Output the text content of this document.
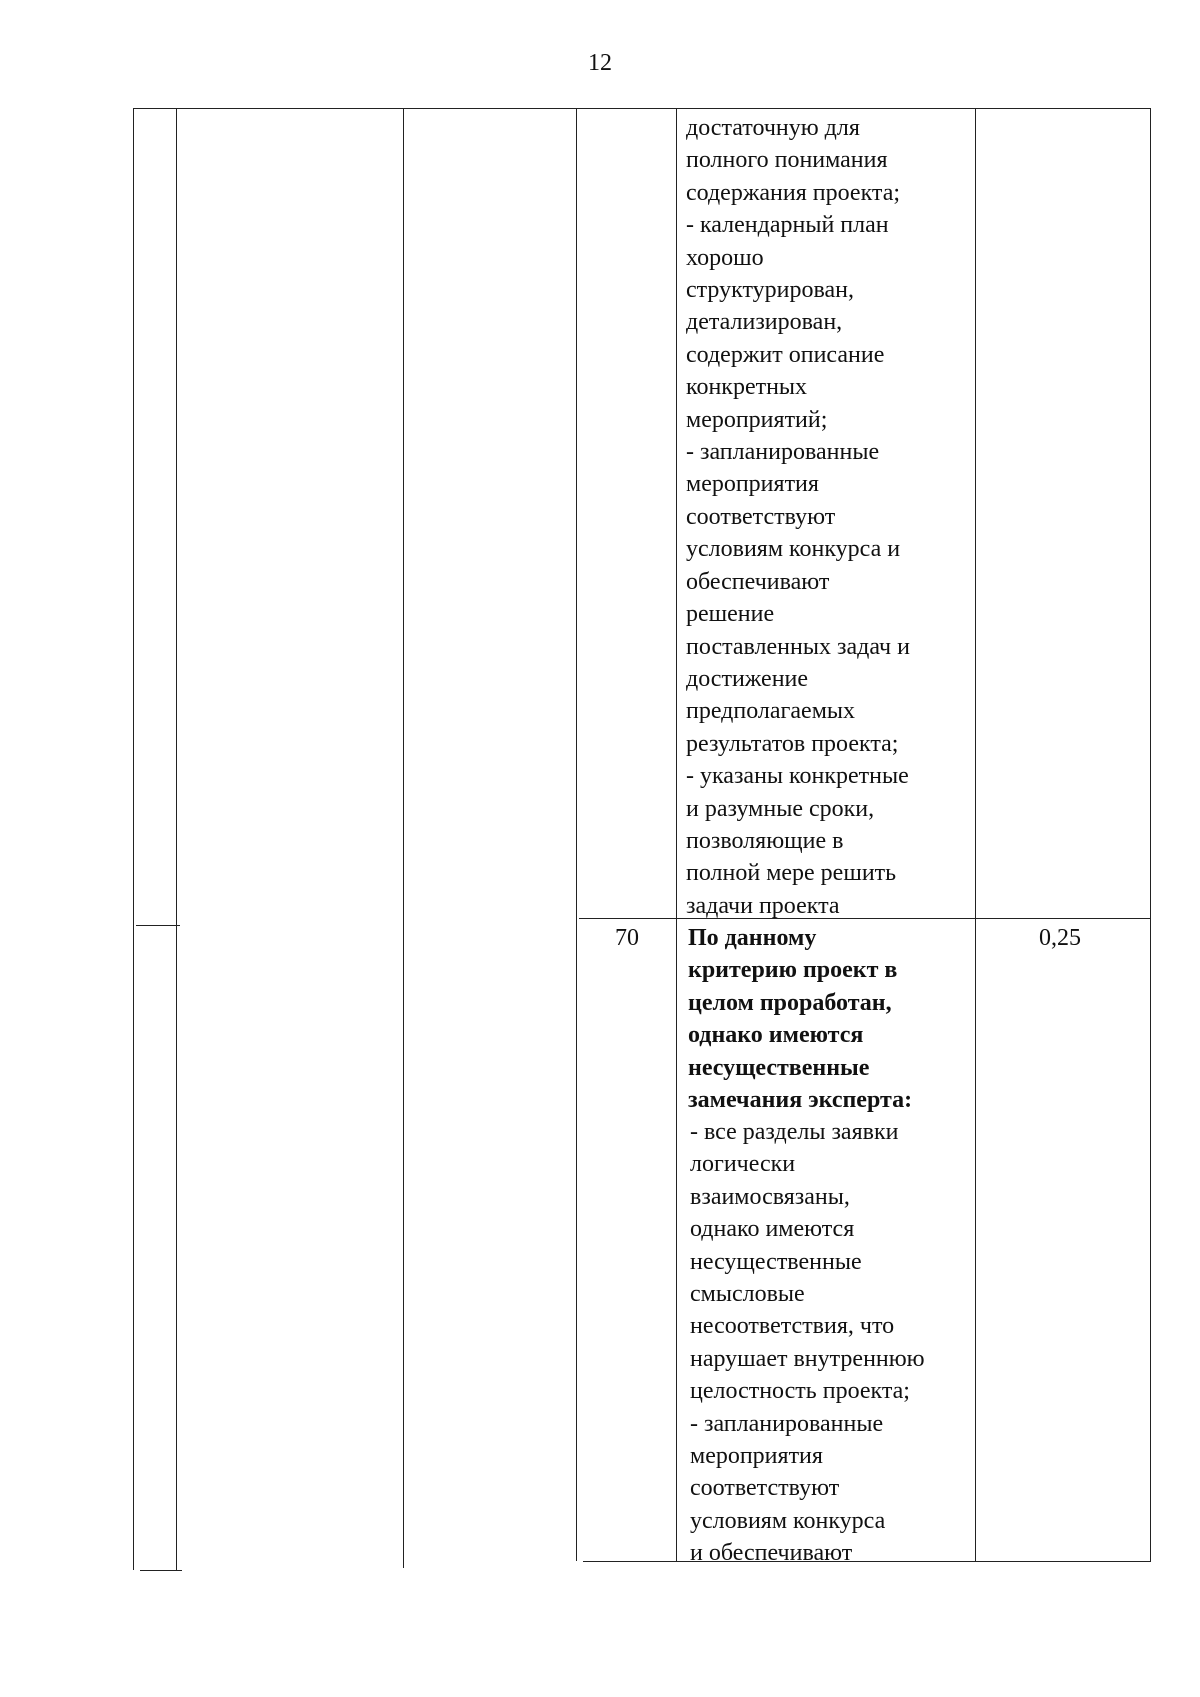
12
достаточную для
полного понимания
содержания проекта;
- календарный план
хорошо
структурирован,
детализирован,
содержит описание
конкретных
мероприятий;
- запланированные
мероприятия
соответствуют
условиям конкурса и
обеспечивают
решение
поставленных задач и
достижение
предполагаемых
результатов проекта;
- указаны конкретные
и разумные сроки,
позволяющие в
полной мере решить
задачи проекта
70	По данному
критерию проект в
целом проработан,
однако имеются
несущественные
замечания эксперта:
- все разделы заявки
логически
взаимосвязаны,
однако имеются
несущественные
смысловые
несоответствия, что
нарушает внутреннюю
целостность проекта;
- запланированные
мероприятия
соответствуют
условиям конкурса
и обеспечивают
0,25
